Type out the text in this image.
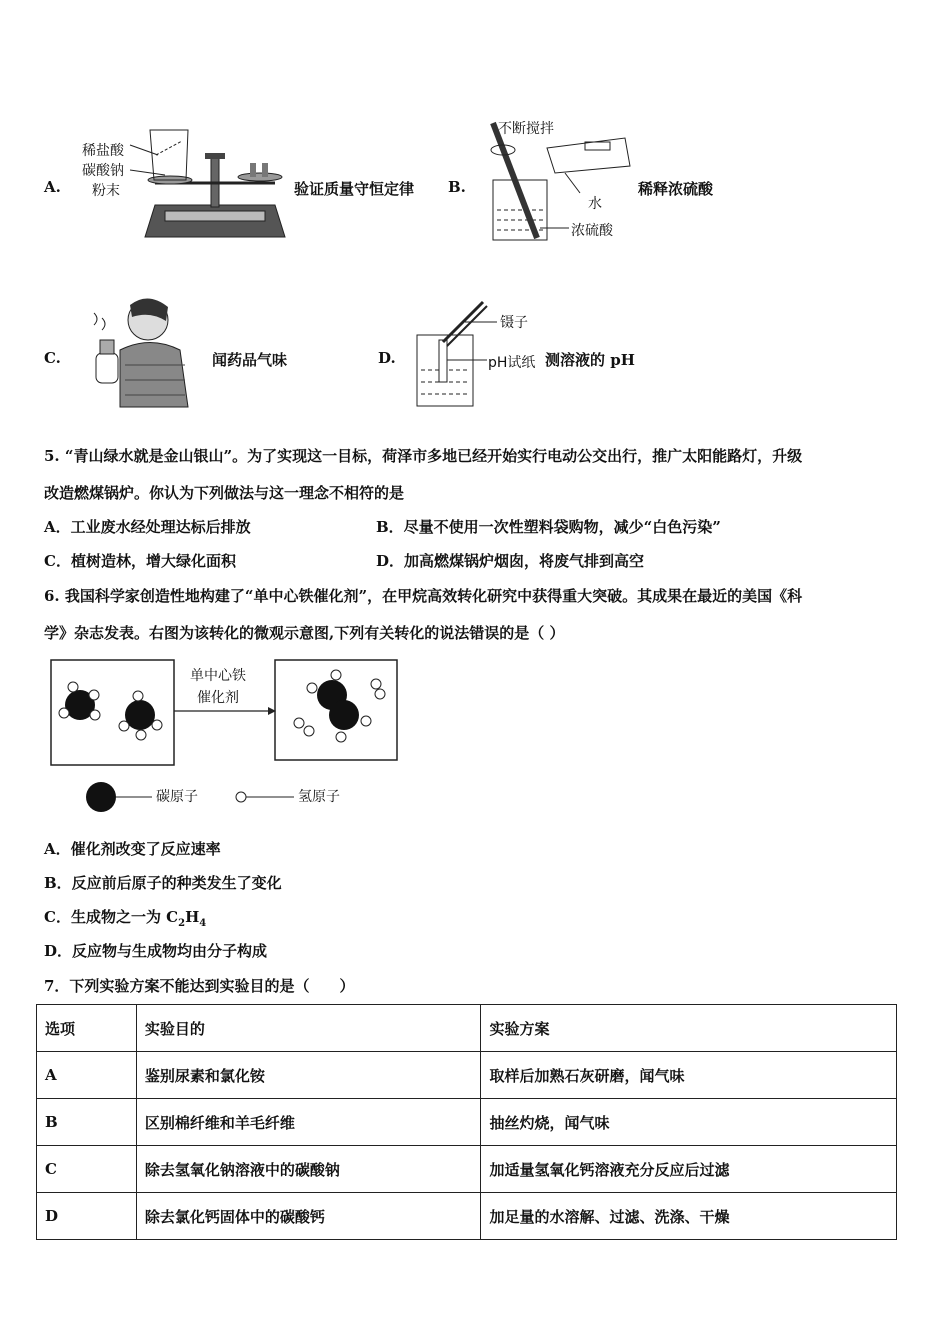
A.
稀盐酸
碳酸钠
粉末	验证质量守恒定律 B.
不断搅拌
水
浓硫酸
稀释浓硫酸
C.	闻药品气味	D.
镊子
pH试纸 测溶液的 pH
5. “青山绿水就是金山银山”。为了实现这一目标，荷泽市多地已经开始实行电动公交出行，推广太阳能路灯，升级
改造燃煤锅炉。你认为下列做法与这一理念不相符的是
A．工业废水经处理达标后排放	B．尽量不使用一次性塑料袋购物，减少“白色污染”
C．植树造林，增大绿化面积	D．加高燃煤锅炉烟囱，将废气排到高空
6. 我国科学家创造性地构建了“单中心铁催化剂”，在甲烷高效转化研究中获得重大突破。其成果在最近的美国《科
学》杂志发表。右图为该转化的微观示意图,下列有关转化的说法错误的是（ ）
单中心铁
催化剂
碳原子	氢原子
A．催化剂改变了反应速率
B．反应前后原子的种类发生了变化
C．生成物之一为 $C_2H_4$
D．反应物与生成物均由分子构成
7．下列实验方案不能达到实验目的是（　　）
选项	实验目的	实验方案
A	鉴别尿素和氯化铵	取样后加熟石灰研磨，闻气味
B	区别棉纤维和羊毛纤维	抽丝灼烧，闻气味
C	除去氢氧化钠溶液中的碳酸钠	加适量氢氧化钙溶液充分反应后过滤
D	除去氯化钙固体中的碳酸钙	加足量的水溶解、过滤、洗涤、干燥
